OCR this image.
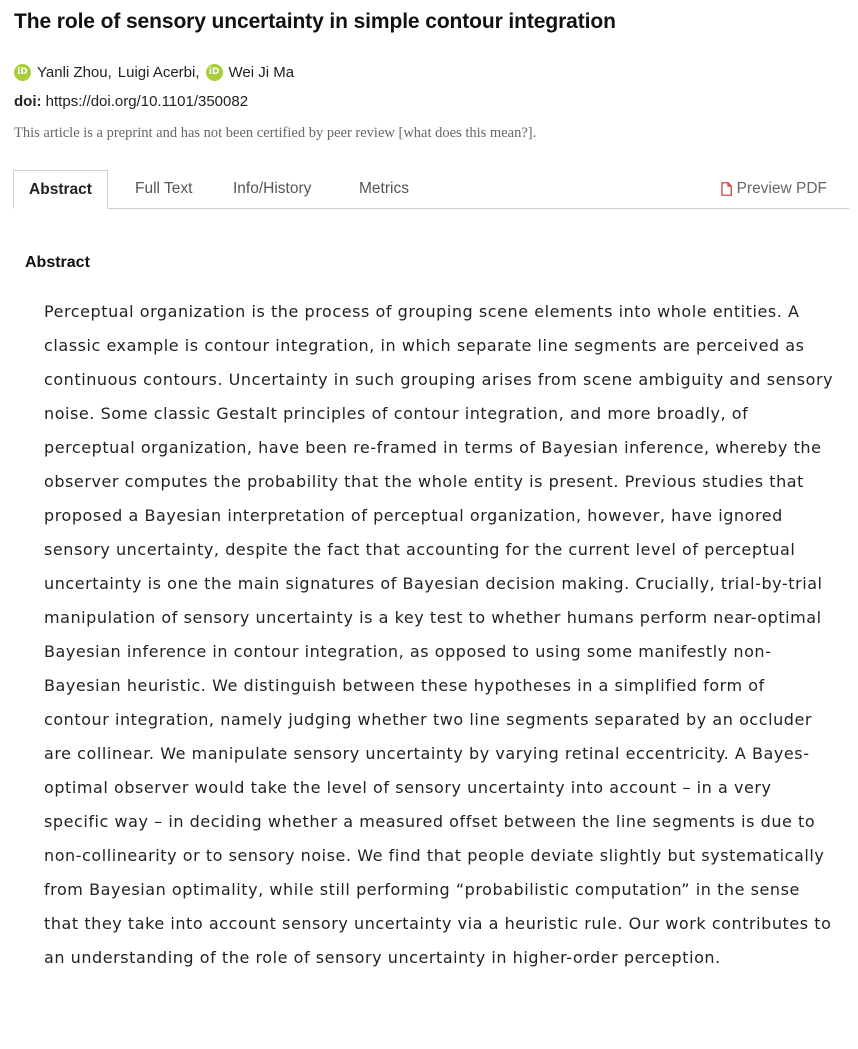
The role of sensory uncertainty in simple contour integration
iD Yanli Zhou , Luigi Acerbi ,	iD Wei Ji Ma
doi: https://doi.org/10.1101/350082
This article is a preprint and has not been certified by peer review [what does this mean?].
Abstract	Full Text	Info/History	Metrics	Preview PDF
Abstract

Perceptual organization is the process of grouping scene elements into whole entities. A classic example is contour integration, in which separate line segments are perceived as continuous contours. Uncertainty in such grouping arises from scene ambiguity and sensory noise. Some classic Gestalt principles of contour integration, and more broadly, of perceptual organization, have been re-framed in terms of Bayesian inference, whereby the observer computes the probability that the whole entity is present. Previous studies that proposed a Bayesian interpretation of perceptual organization, however, have ignored sensory uncertainty, despite the fact that accounting for the current level of perceptual uncertainty is one the main signatures of Bayesian decision making. Crucially, trial-by-trial manipulation of sensory uncertainty is a key test to whether humans perform near-optimal Bayesian inference in contour integration, as opposed to using some manifestly non-Bayesian heuristic. We distinguish between these hypotheses in a simplified form of contour integration, namely judging whether two line segments separated by an occluder are collinear. We manipulate sensory uncertainty by varying retinal eccentricity. A Bayes-optimal observer would take the level of sensory uncertainty into account – in a very specific way – in deciding whether a measured offset between the line segments is due to non-collinearity or to sensory noise. We find that people deviate slightly but systematically from Bayesian optimality, while still performing “probabilistic computation” in the sense that they take into account sensory uncertainty via a heuristic rule. Our work contributes to an understanding of the role of sensory uncertainty in higher-order perception.
